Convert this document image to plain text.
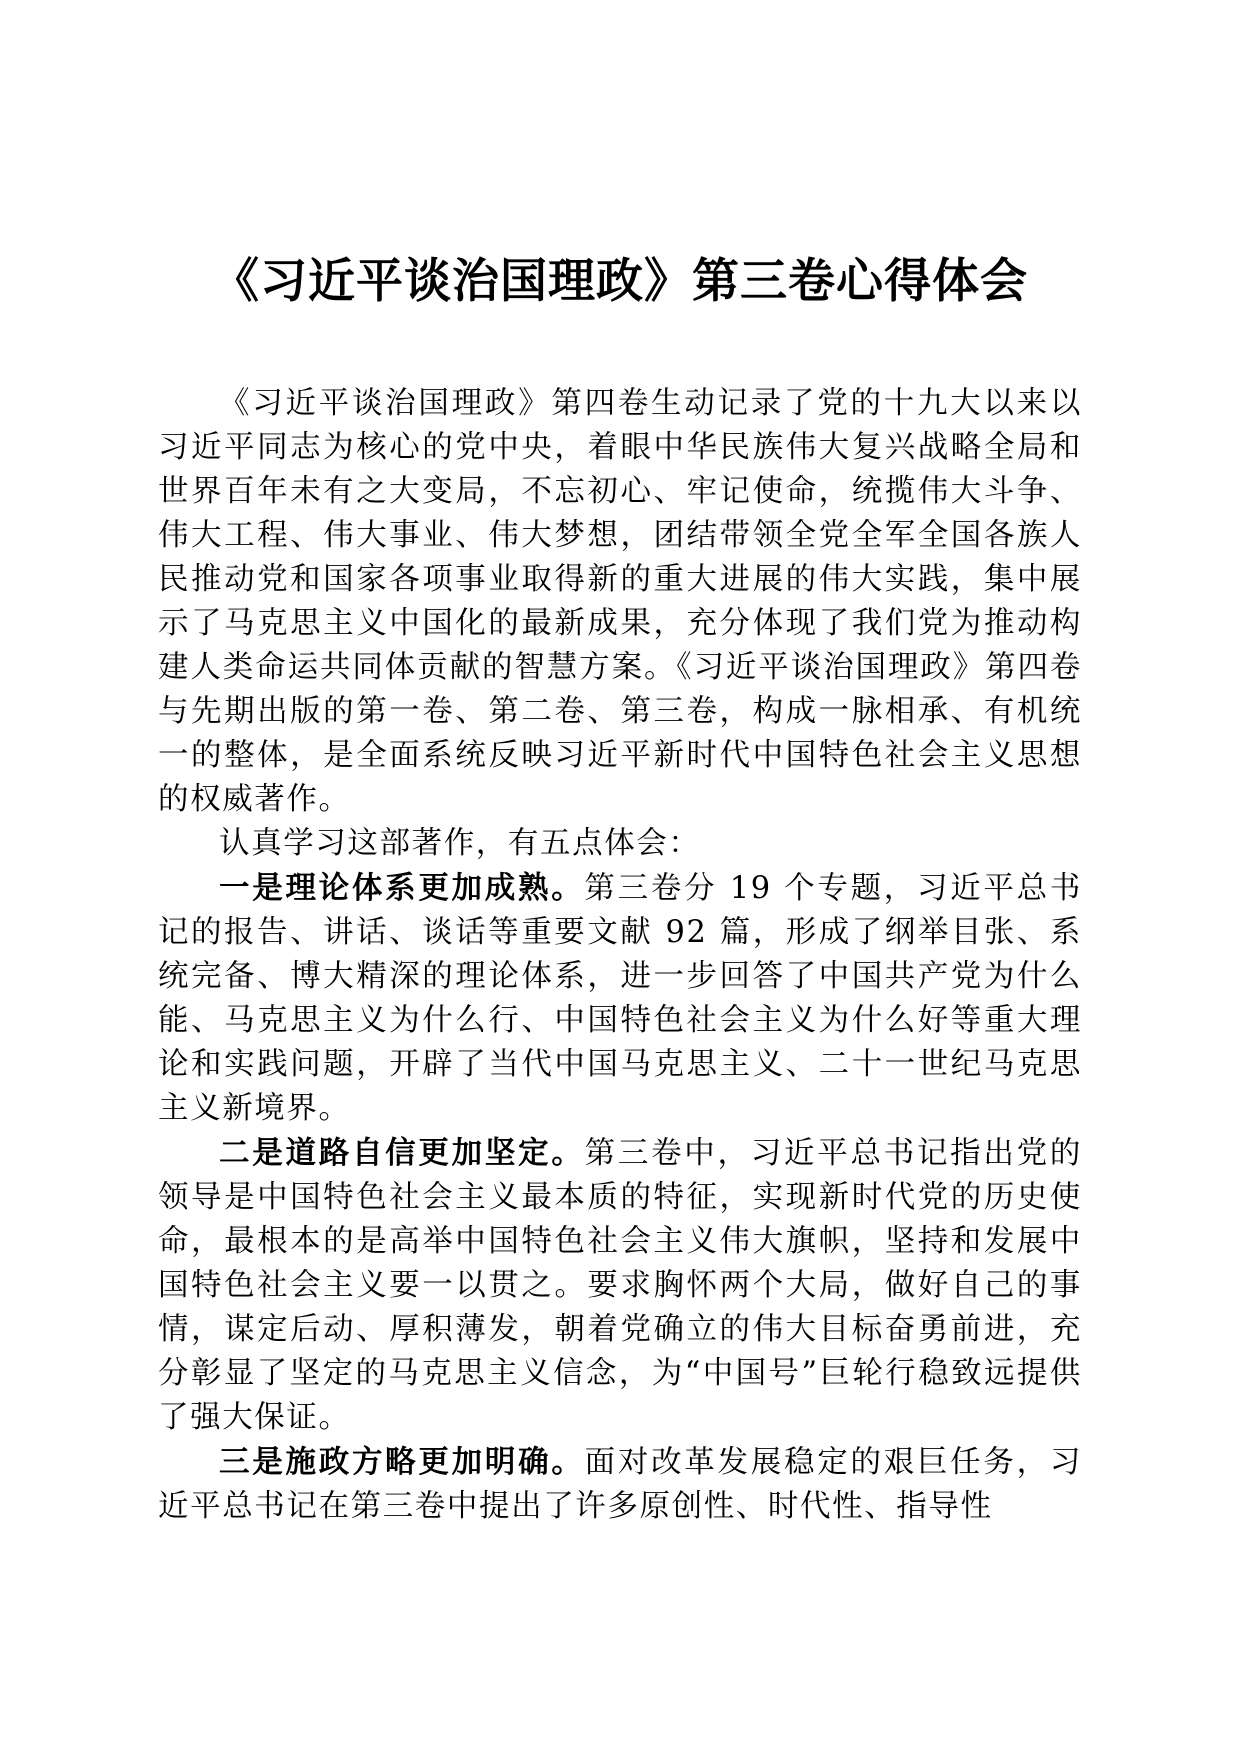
《习近平谈治国理政》第三卷心得体会

《习近平谈治国理政》第四卷生动记录了党的十九大以来以习近平同志为核心的党中央，着眼中华民族伟大复兴战略全局和世界百年未有之大变局，不忘初心、牢记使命，统揽伟大斗争、伟大工程、伟大事业、伟大梦想，团结带领全党全军全国各族人民推动党和国家各项事业取得新的重大进展的伟大实践，集中展示了马克思主义中国化的最新成果，充分体现了我们党为推动构建人类命运共同体贡献的智慧方案。《习近平谈治国理政》第四卷与先期出版的第一卷、第二卷、第三卷，构成一脉相承、有机统一的整体，是全面系统反映习近平新时代中国特色社会主义思想的权威著作。

认真学习这部著作，有五点体会：

一是理论体系更加成熟。第三卷分 19 个专题，习近平总书记的报告、讲话、谈话等重要文献 92 篇，形成了纲举目张、系统完备、博大精深的理论体系，进一步回答了中国共产党为什么能、马克思主义为什么行、中国特色社会主义为什么好等重大理论和实践问题，开辟了当代中国马克思主义、二十一世纪马克思主义新境界。

二是道路自信更加坚定。第三卷中，习近平总书记指出党的领导是中国特色社会主义最本质的特征，实现新时代党的历史使命，最根本的是高举中国特色社会主义伟大旗帜，坚持和发展中国特色社会主义要一以贯之。要求胸怀两个大局，做好自己的事情，谋定后动、厚积薄发，朝着党确立的伟大目标奋勇前进，充分彰显了坚定的马克思主义信念，为“中国号”巨轮行稳致远提供了强大保证。

三是施政方略更加明确。面对改革发展稳定的艰巨任务，习近平总书记在第三卷中提出了许多原创性、时代性、指导性
